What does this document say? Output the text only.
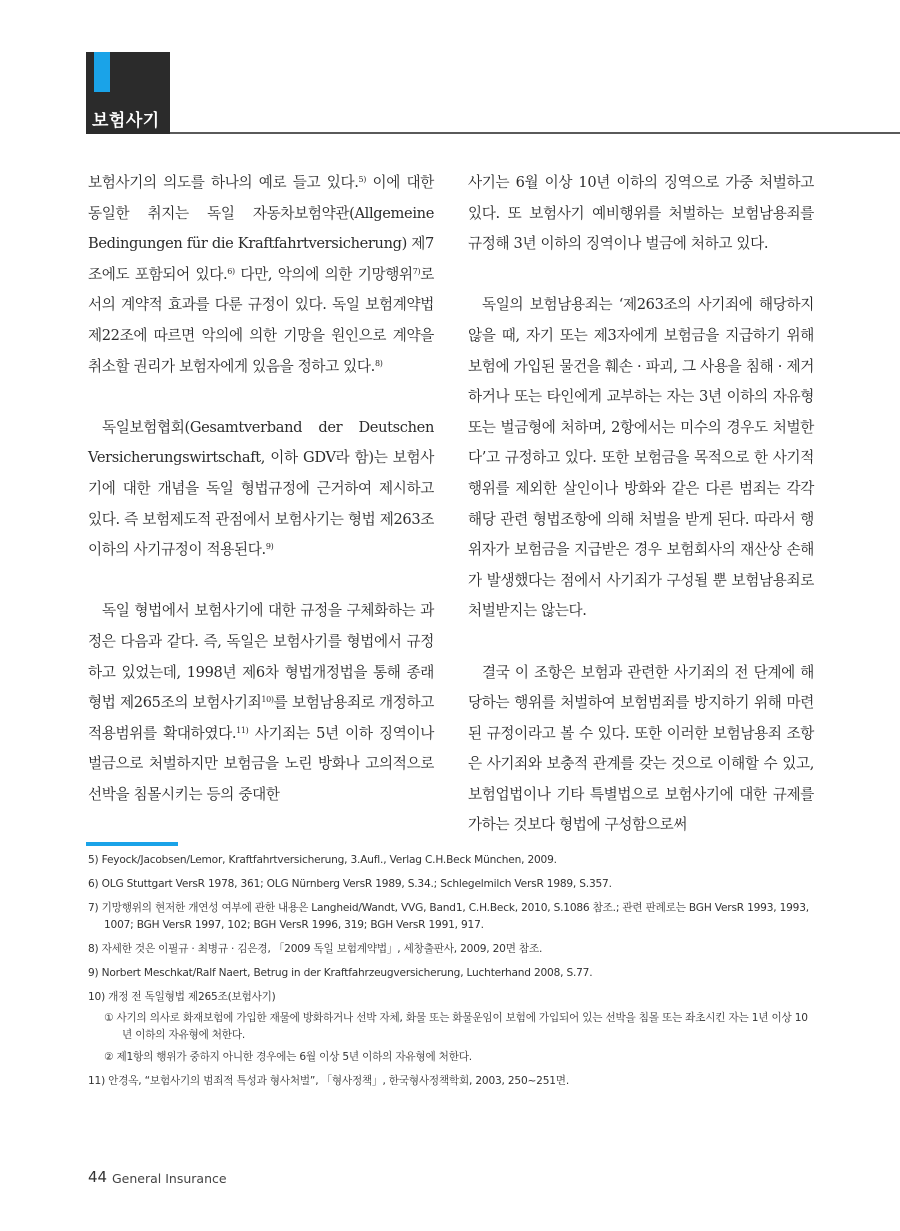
보험사기

보험사기의 의도를 하나의 예로 들고 있다.$^{5)}$ 이에 대한 동일한 취지는 독일 자동차보험약관(Allgemeine Bedingungen für die Kraftfahrtversicherung) 제7조에도 포함되어 있다.$^{6)}$ 다만, 악의에 의한 기망행위$^{7)}$로서의 계약적 효과를 다룬 규정이 있다. 독일 보험계약법 제22조에 따르면 악의에 의한 기망을 원인으로 계약을 취소할 권리가 보험자에게 있음을 정하고 있다.$^{8)}$

독일보험협회(Gesamtverband der Deutschen Versicherungswirtschaft, 이하 GDV라 함)는 보험사기에 대한 개념을 독일 형법규정에 근거하여 제시하고 있다. 즉 보험제도적 관점에서 보험사기는 형법 제263조 이하의 사기규정이 적용된다.$^{9)}$

독일 형법에서 보험사기에 대한 규정을 구체화하는 과정은 다음과 같다. 즉, 독일은 보험사기를 형법에서 규정하고 있었는데, 1998년 제6차 형법개정법을 통해 종래 형법 제265조의 보험사기죄$^{10)}$를 보험남용죄로 개정하고 적용범위를 확대하였다.$^{11)}$ 사기죄는 5년 이하 징역이나 벌금으로 처벌하지만 보험금을 노린 방화나 고의적으로 선박을 침몰시키는 등의 중대한

사기는 6월 이상 10년 이하의 징역으로 가중 처벌하고 있다. 또 보험사기 예비행위를 처벌하는 보험남용죄를 규정해 3년 이하의 징역이나 벌금에 처하고 있다.

독일의 보험남용죄는 ‘제263조의 사기죄에 해당하지 않을 때, 자기 또는 제3자에게 보험금을 지급하기 위해 보험에 가입된 물건을 훼손 · 파괴, 그 사용을 침해 · 제거하거나 또는 타인에게 교부하는 자는 3년 이하의 자유형 또는 벌금형에 처하며, 2항에서는 미수의 경우도 처벌한다’고 규정하고 있다. 또한 보험금을 목적으로 한 사기적 행위를 제외한 살인이나 방화와 같은 다른 범죄는 각각 해당 관련 형법조항에 의해 처벌을 받게 된다. 따라서 행위자가 보험금을 지급받은 경우 보험회사의 재산상 손해가 발생했다는 점에서 사기죄가 구성될 뿐 보험남용죄로 처벌받지는 않는다.

결국 이 조항은 보험과 관련한 사기죄의 전 단계에 해당하는 행위를 처벌하여 보험범죄를 방지하기 위해 마련된 규정이라고 볼 수 있다. 또한 이러한 보험남용죄 조항은 사기죄와 보충적 관계를 갖는 것으로 이해할 수 있고, 보험업법이나 기타 특별법으로 보험사기에 대한 규제를 가하는 것보다 형법에 구성함으로써

5) Feyock/Jacobsen/Lemor, Kraftfahrtversicherung, 3.Aufl., Verlag C.H.Beck München, 2009.

6) OLG Stuttgart VersR 1978, 361; OLG Nürnberg VersR 1989, S.34.; Schlegelmilch VersR 1989, S.357.

7) 기망행위의 현저한 개연성 여부에 관한 내용은 Langheid/Wandt, VVG, Band1, C.H.Beck, 2010, S.1086 참조.; 관련 판례로는 BGH VersR 1993, 1993, 1007; BGH VersR 1997, 102; BGH VersR 1996, 319; BGH VersR 1991, 917.

8) 자세한 것은 이필규 · 최병규 · 김은경, 「2009 독일 보험계약법」, 세창출판사, 2009, 20면 참조.

9) Norbert Meschkat/Ralf Naert, Betrug in der Kraftfahrzeugversicherung, Luchterhand 2008, S.77.

10) 개정 전 독일형법 제265조(보험사기)

① 사기의 의사로 화재보험에 가입한 재물에 방화하거나 선박 자체, 화물 또는 화물운임이 보험에 가입되어 있는 선박을 침몰 또는 좌초시킨 자는 1년 이상 10년 이하의 자유형에 처한다.

② 제1항의 행위가 중하지 아니한 경우에는 6월 이상 5년 이하의 자유형에 처한다.

11) 안경옥, “보험사기의 범죄적 특성과 형사처벌”, 「형사정책」, 한국형사정책학회, 2003, 250~251면.

44 General Insurance
